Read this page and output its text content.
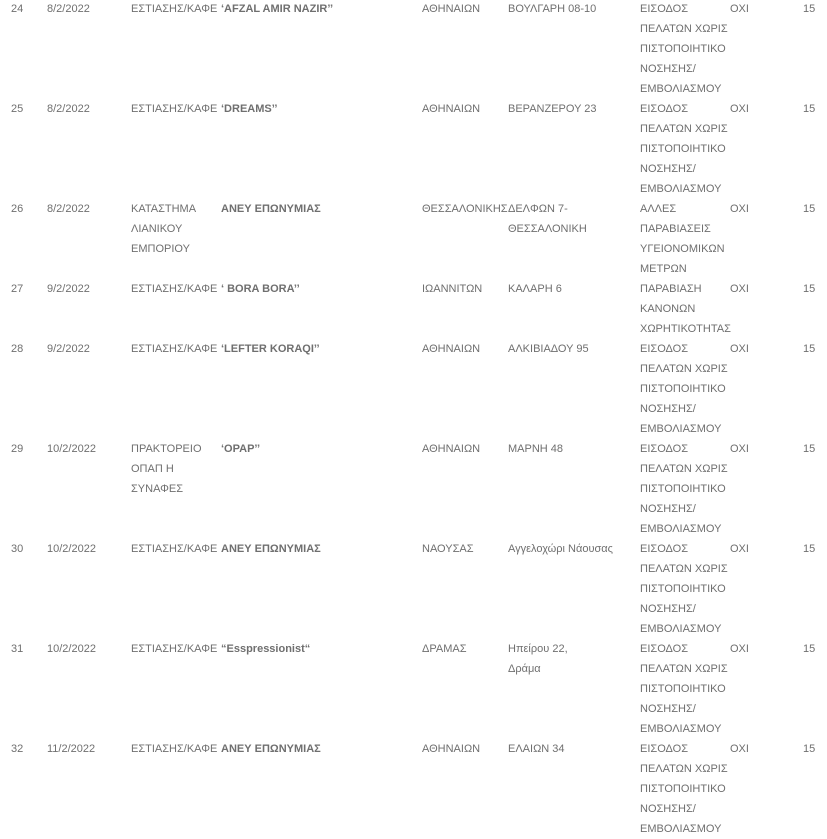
24	8/2/2022	ΕΣΤΙΑΣΗΣ/ΚΑΦΕ	‘AFZAL AMIR NAZIR’’	ΑΘΗΝΑΙΩΝ	ΒΟΥΛΓΑΡΗ 08-10	ΕΙΣΟΔΟΣ
ΠΕΛΑΤΩΝ ΧΩΡΙΣ
ΠΙΣΤΟΠΟΙΗΤΙΚΟ
ΝΟΣΗΣΗΣ/
ΕΜΒΟΛΙΑΣΜΟΥ	ΟΧΙ	15
25	8/2/2022	ΕΣΤΙΑΣΗΣ/ΚΑΦΕ	‘DREAMS’’	ΑΘΗΝΑΙΩΝ	ΒΕΡΑΝΖΕΡΟΥ 23	ΕΙΣΟΔΟΣ
ΠΕΛΑΤΩΝ ΧΩΡΙΣ
ΠΙΣΤΟΠΟΙΗΤΙΚΟ
ΝΟΣΗΣΗΣ/
ΕΜΒΟΛΙΑΣΜΟΥ	ΟΧΙ	15
26	8/2/2022	ΚΑΤΑΣΤΗΜΑ
ΛΙΑΝΙΚΟΥ
ΕΜΠΟΡΙΟΥ	ΑΝΕΥ ΕΠΩΝΥΜΙΑΣ	ΘΕΣΣΑΛΟΝΙΚΗΣ	ΔΕΛΦΩΝ 7-
ΘΕΣΣΑΛΟΝΙΚΗ	ΑΛΛΕΣ
ΠΑΡΑΒΙΑΣΕΙΣ
ΥΓΕΙΟΝΟΜΙΚΩΝ
ΜΕΤΡΩΝ	ΟΧΙ	15
27	9/2/2022	ΕΣΤΙΑΣΗΣ/ΚΑΦΕ	‘ BORA BORA’’	ΙΩΑΝΝΙΤΩΝ	ΚΑΛΑΡΗ 6	ΠΑΡΑΒΙΑΣΗ
ΚΑΝΟΝΩΝ
ΧΩΡΗΤΙΚΟΤΗΤΑΣ	ΟΧΙ	15
28	9/2/2022	ΕΣΤΙΑΣΗΣ/ΚΑΦΕ	‘LEFTER KORAQI’’	ΑΘΗΝΑΙΩΝ	ΑΛΚΙΒΙΑΔΟΥ 95	ΕΙΣΟΔΟΣ
ΠΕΛΑΤΩΝ ΧΩΡΙΣ
ΠΙΣΤΟΠΟΙΗΤΙΚΟ
ΝΟΣΗΣΗΣ/
ΕΜΒΟΛΙΑΣΜΟΥ	ΟΧΙ	15
29	10/2/2022	ΠΡΑΚΤΟΡΕΙΟ
ΟΠΑΠ Η
ΣΥΝΑΦΕΣ	‘OPAP’’	ΑΘΗΝΑΙΩΝ	ΜΑΡΝΗ 48	ΕΙΣΟΔΟΣ
ΠΕΛΑΤΩΝ ΧΩΡΙΣ
ΠΙΣΤΟΠΟΙΗΤΙΚΟ
ΝΟΣΗΣΗΣ/
ΕΜΒΟΛΙΑΣΜΟΥ	ΟΧΙ	15
30	10/2/2022	ΕΣΤΙΑΣΗΣ/ΚΑΦΕ	ΑΝΕΥ ΕΠΩΝΥΜΙΑΣ	ΝΑΟΥΣΑΣ	Αγγελοχώρι Νάουσας	ΕΙΣΟΔΟΣ
ΠΕΛΑΤΩΝ ΧΩΡΙΣ
ΠΙΣΤΟΠΟΙΗΤΙΚΟ
ΝΟΣΗΣΗΣ/
ΕΜΒΟΛΙΑΣΜΟΥ	ΟΧΙ	15
31	10/2/2022	ΕΣΤΙΑΣΗΣ/ΚΑΦΕ	“Esspressionist“	ΔΡΑΜΑΣ	Ηπείρου 22,
Δράμα	ΕΙΣΟΔΟΣ
ΠΕΛΑΤΩΝ ΧΩΡΙΣ
ΠΙΣΤΟΠΟΙΗΤΙΚΟ
ΝΟΣΗΣΗΣ/
ΕΜΒΟΛΙΑΣΜΟΥ	ΟΧΙ	15
32	11/2/2022	ΕΣΤΙΑΣΗΣ/ΚΑΦΕ	ΑΝΕΥ ΕΠΩΝΥΜΙΑΣ	ΑΘΗΝΑΙΩΝ	ΕΛΑΙΩΝ 34	ΕΙΣΟΔΟΣ
ΠΕΛΑΤΩΝ ΧΩΡΙΣ
ΠΙΣΤΟΠΟΙΗΤΙΚΟ
ΝΟΣΗΣΗΣ/
ΕΜΒΟΛΙΑΣΜΟΥ	ΟΧΙ	15
